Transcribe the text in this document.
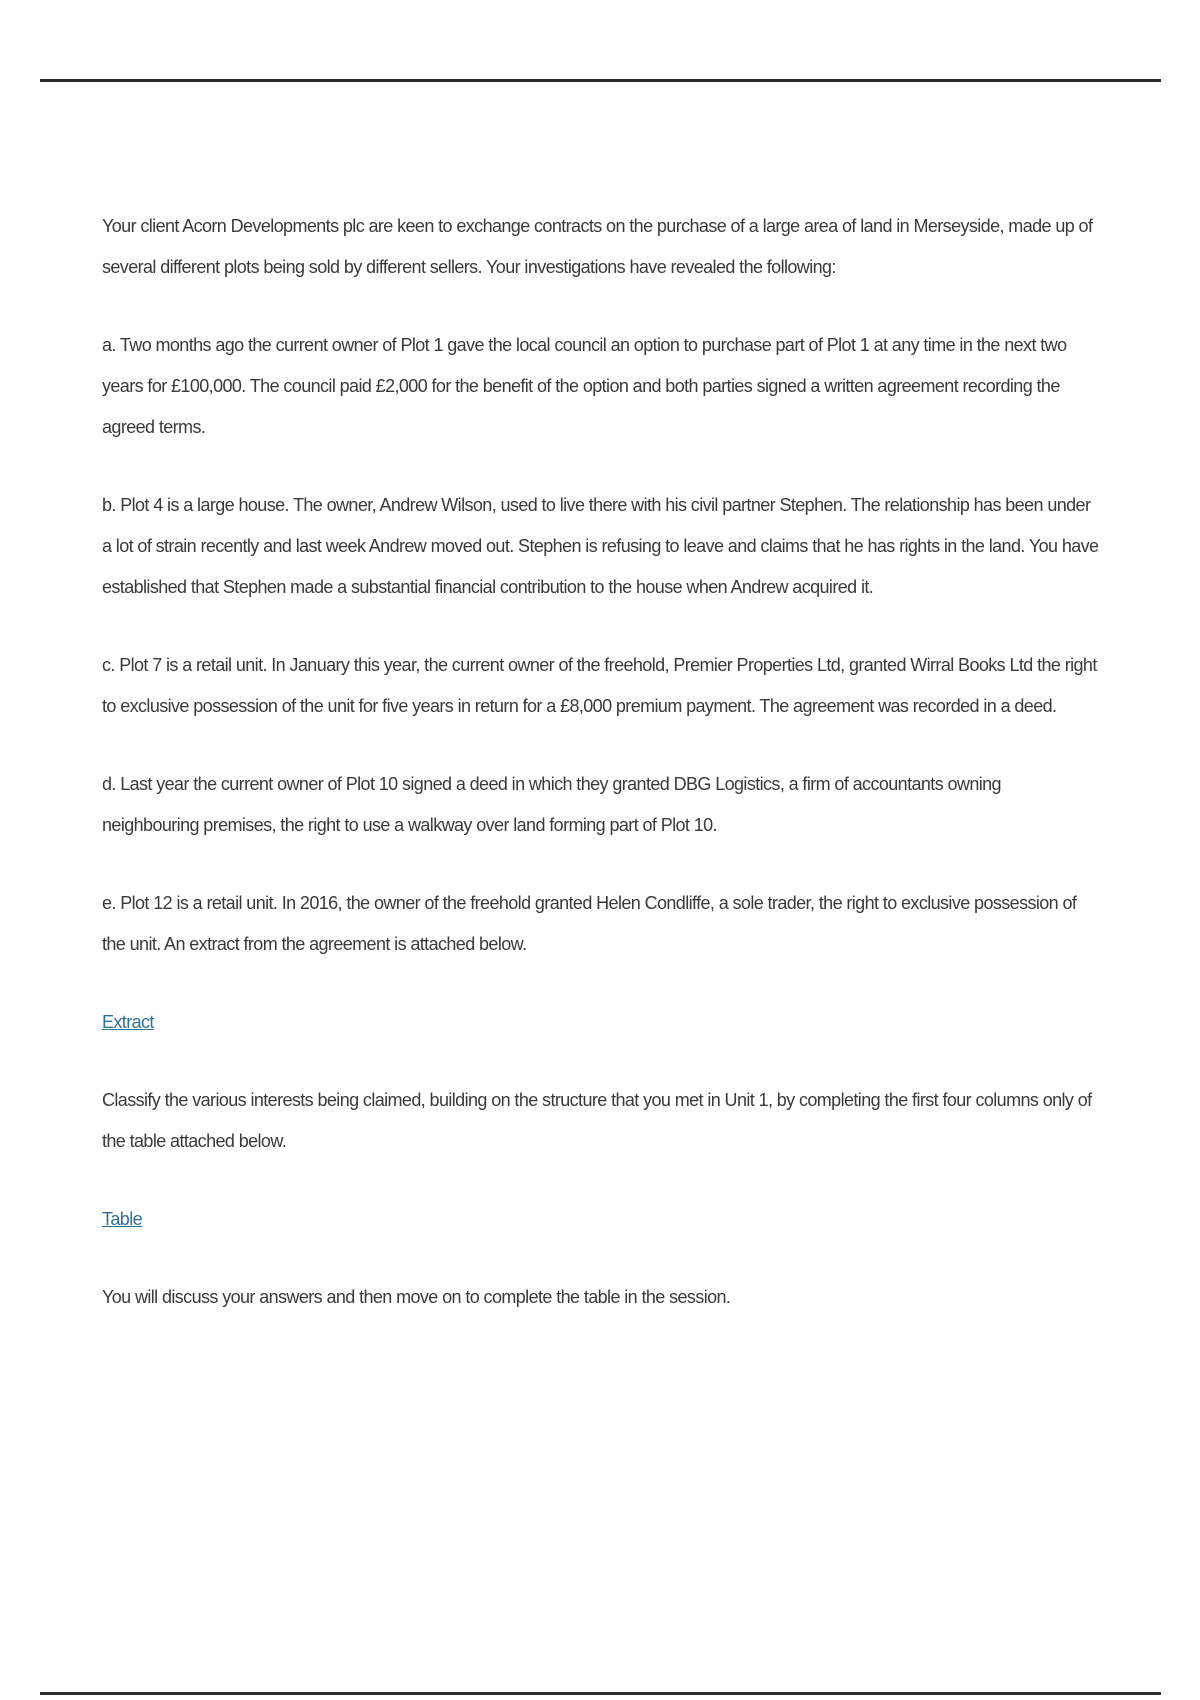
Your client Acorn Developments plc are keen to exchange contracts on the purchase of a large area of land in Merseyside, made up of several different plots being sold by different sellers. Your investigations have revealed the following:

a. Two months ago the current owner of Plot 1 gave the local council an option to purchase part of Plot 1 at any time in the next two years for £100,000. The council paid £2,000 for the benefit of the option and both parties signed a written agreement recording the agreed terms.

b. Plot 4 is a large house. The owner, Andrew Wilson, used to live there with his civil partner Stephen. The relationship has been under a lot of strain recently and last week Andrew moved out. Stephen is refusing to leave and claims that he has rights in the land. You have established that Stephen made a substantial financial contribution to the house when Andrew acquired it.

c. Plot 7 is a retail unit. In January this year, the current owner of the freehold, Premier Properties Ltd, granted Wirral Books Ltd the right to exclusive possession of the unit for five years in return for a £8,000 premium payment. The agreement was recorded in a deed.

d. Last year the current owner of Plot 10 signed a deed in which they granted DBG Logistics, a firm of accountants owning neighbouring premises, the right to use a walkway over land forming part of Plot 10.

e. Plot 12 is a retail unit. In 2016, the owner of the freehold granted Helen Condliffe, a sole trader, the right to exclusive possession of the unit. An extract from the agreement is attached below.

Extract

Classify the various interests being claimed, building on the structure that you met in Unit 1, by completing the first four columns only of the table attached below.

Table

You will discuss your answers and then move on to complete the table in the session.
